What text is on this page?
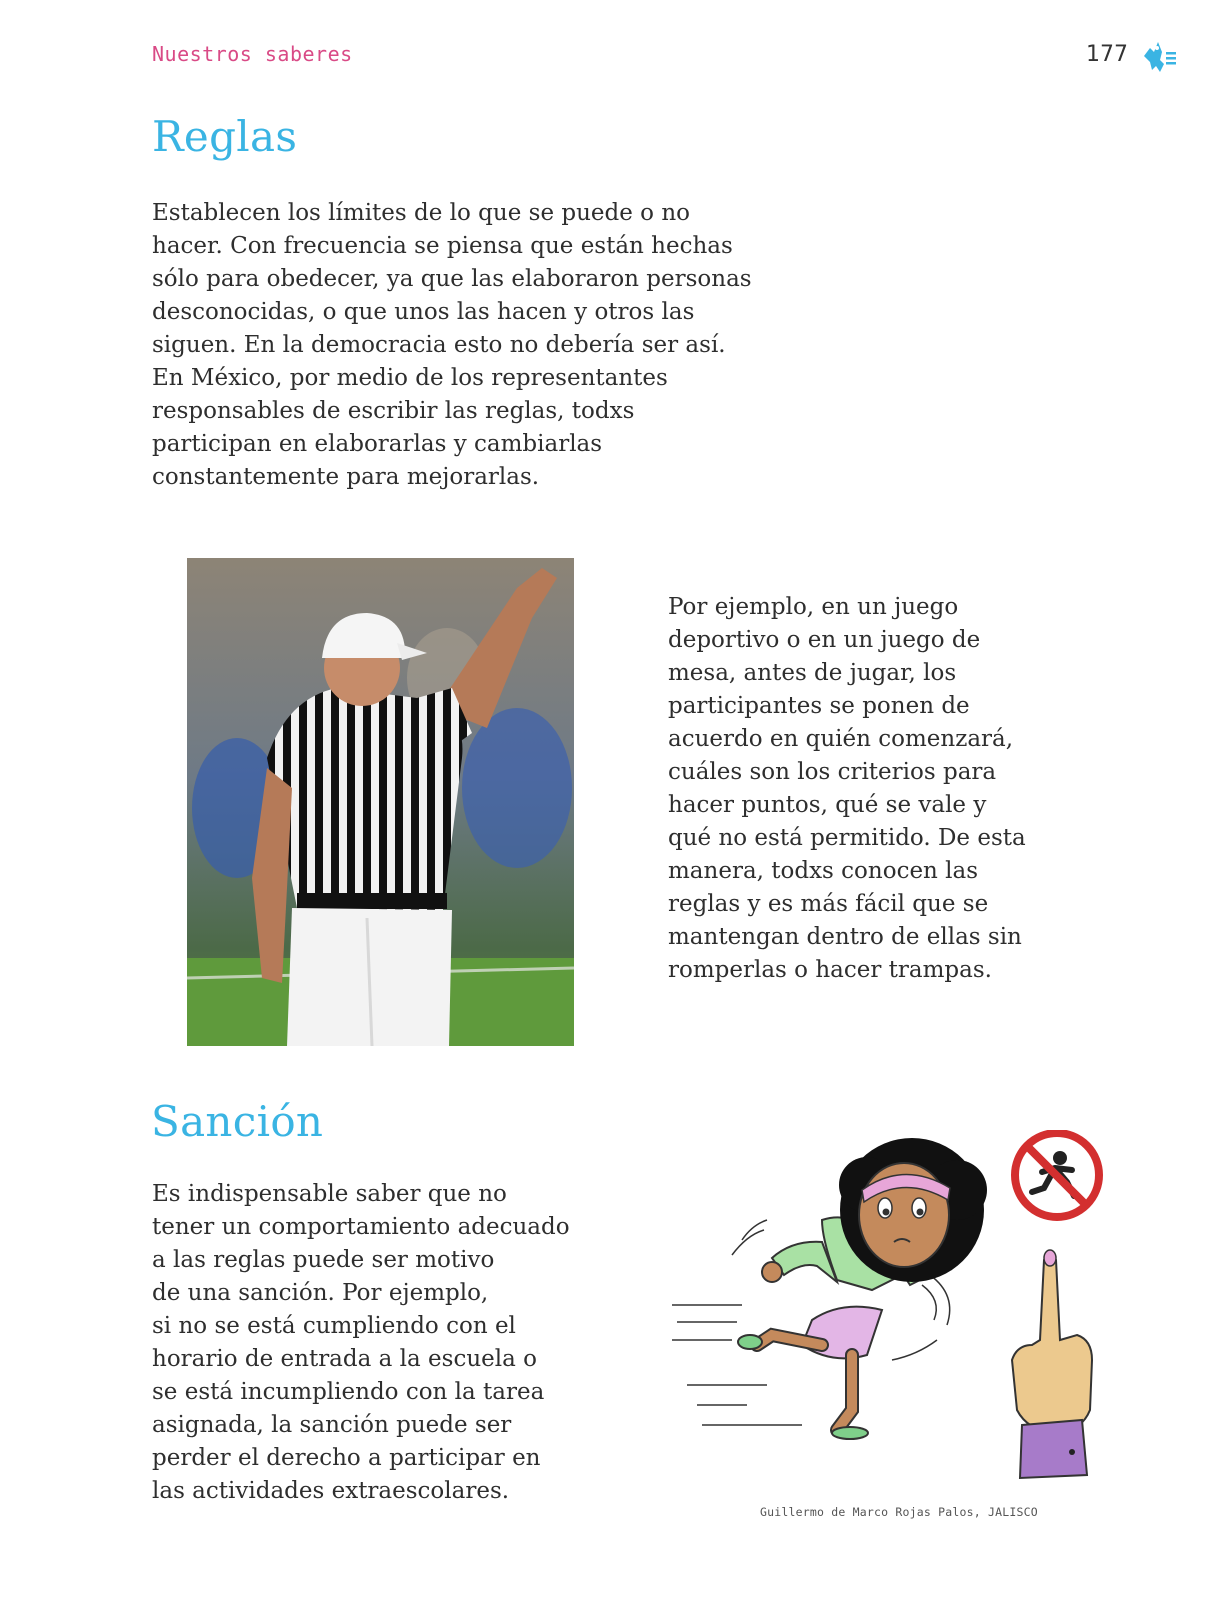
Nuestros saberes	177
Reglas

Establecen los límites de lo que se puede o no
hacer. Con frecuencia se piensa que están hechas
sólo para obedecer, ya que las elaboraron personas
desconocidas, o que unos las hacen y otros las
siguen. En la democracia esto no debería ser así.
En México, por medio de los representantes
responsables de escribir las reglas, todxs
participan en elaborarlas y cambiarlas
constantemente para mejorarlas.

Por ejemplo, en un juego
deportivo o en un juego de
mesa, antes de jugar, los
participantes se ponen de
acuerdo en quién comenzará,
cuáles son los criterios para
hacer puntos, qué se vale y
qué no está permitido. De esta
manera, todxs conocen las
reglas y es más fácil que se
mantengan dentro de ellas sin
romperlas o hacer trampas.

Sanción

Es indispensable saber que no
tener un comportamiento adecuado
a las reglas puede ser motivo
de una sanción. Por ejemplo,
si no se está cumpliendo con el
horario de entrada a la escuela o
se está incumpliendo con la tarea
asignada, la sanción puede ser
perder el derecho a participar en
las actividades extraescolares.

Guillermo de Marco Rojas Palos, JALISCO
